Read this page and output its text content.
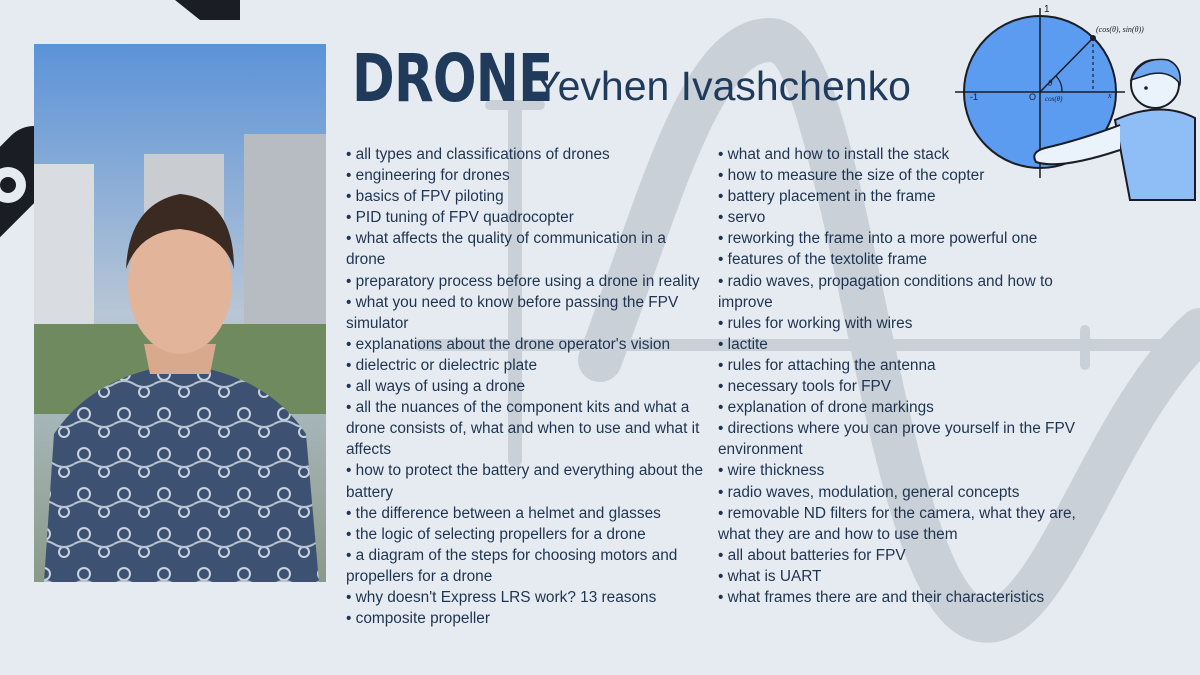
DRONE
Yevhen Ivashchenko
• all types and classifications of drones
• engineering for drones
• basics of FPV piloting
• PID tuning of FPV quadrocopter
• what affects the quality of communication in a drone
• preparatory process before using a drone in reality
• what you need to know before passing the FPV simulator
• explanations about the drone operator's vision
• dielectric or dielectric plate
• all ways of using a drone
• all the nuances of the component kits and what a drone consists of, what and when to use and what it affects
• how to protect the battery and everything about the battery
• the difference between a helmet and glasses
• the logic of selecting propellers for a drone
• a diagram of the steps for choosing motors and propellers for a drone
• why doesn't Express LRS work? 13 reasons
• composite propeller
• what and how to install the stack
• how to measure the size of the copter
• battery placement in the frame
• servo
• reworking the frame into a more powerful one
• features of the textolite frame
• radio waves, propagation conditions and how to improve
• rules for working with wires
• lactite
• rules for attaching the antenna
• necessary tools for FPV
• explanation of drone markings
• directions where you can prove yourself in the FPV environment
• wire thickness
• radio waves, modulation, general concepts
• removable ND filters for the camera, what they are, what they are and how to use them
• all about batteries for FPV
• what is UART
• what frames there are and their characteristics
1
-1	O
(cos(θ), sin(θ))
cos(θ)
θ
x
